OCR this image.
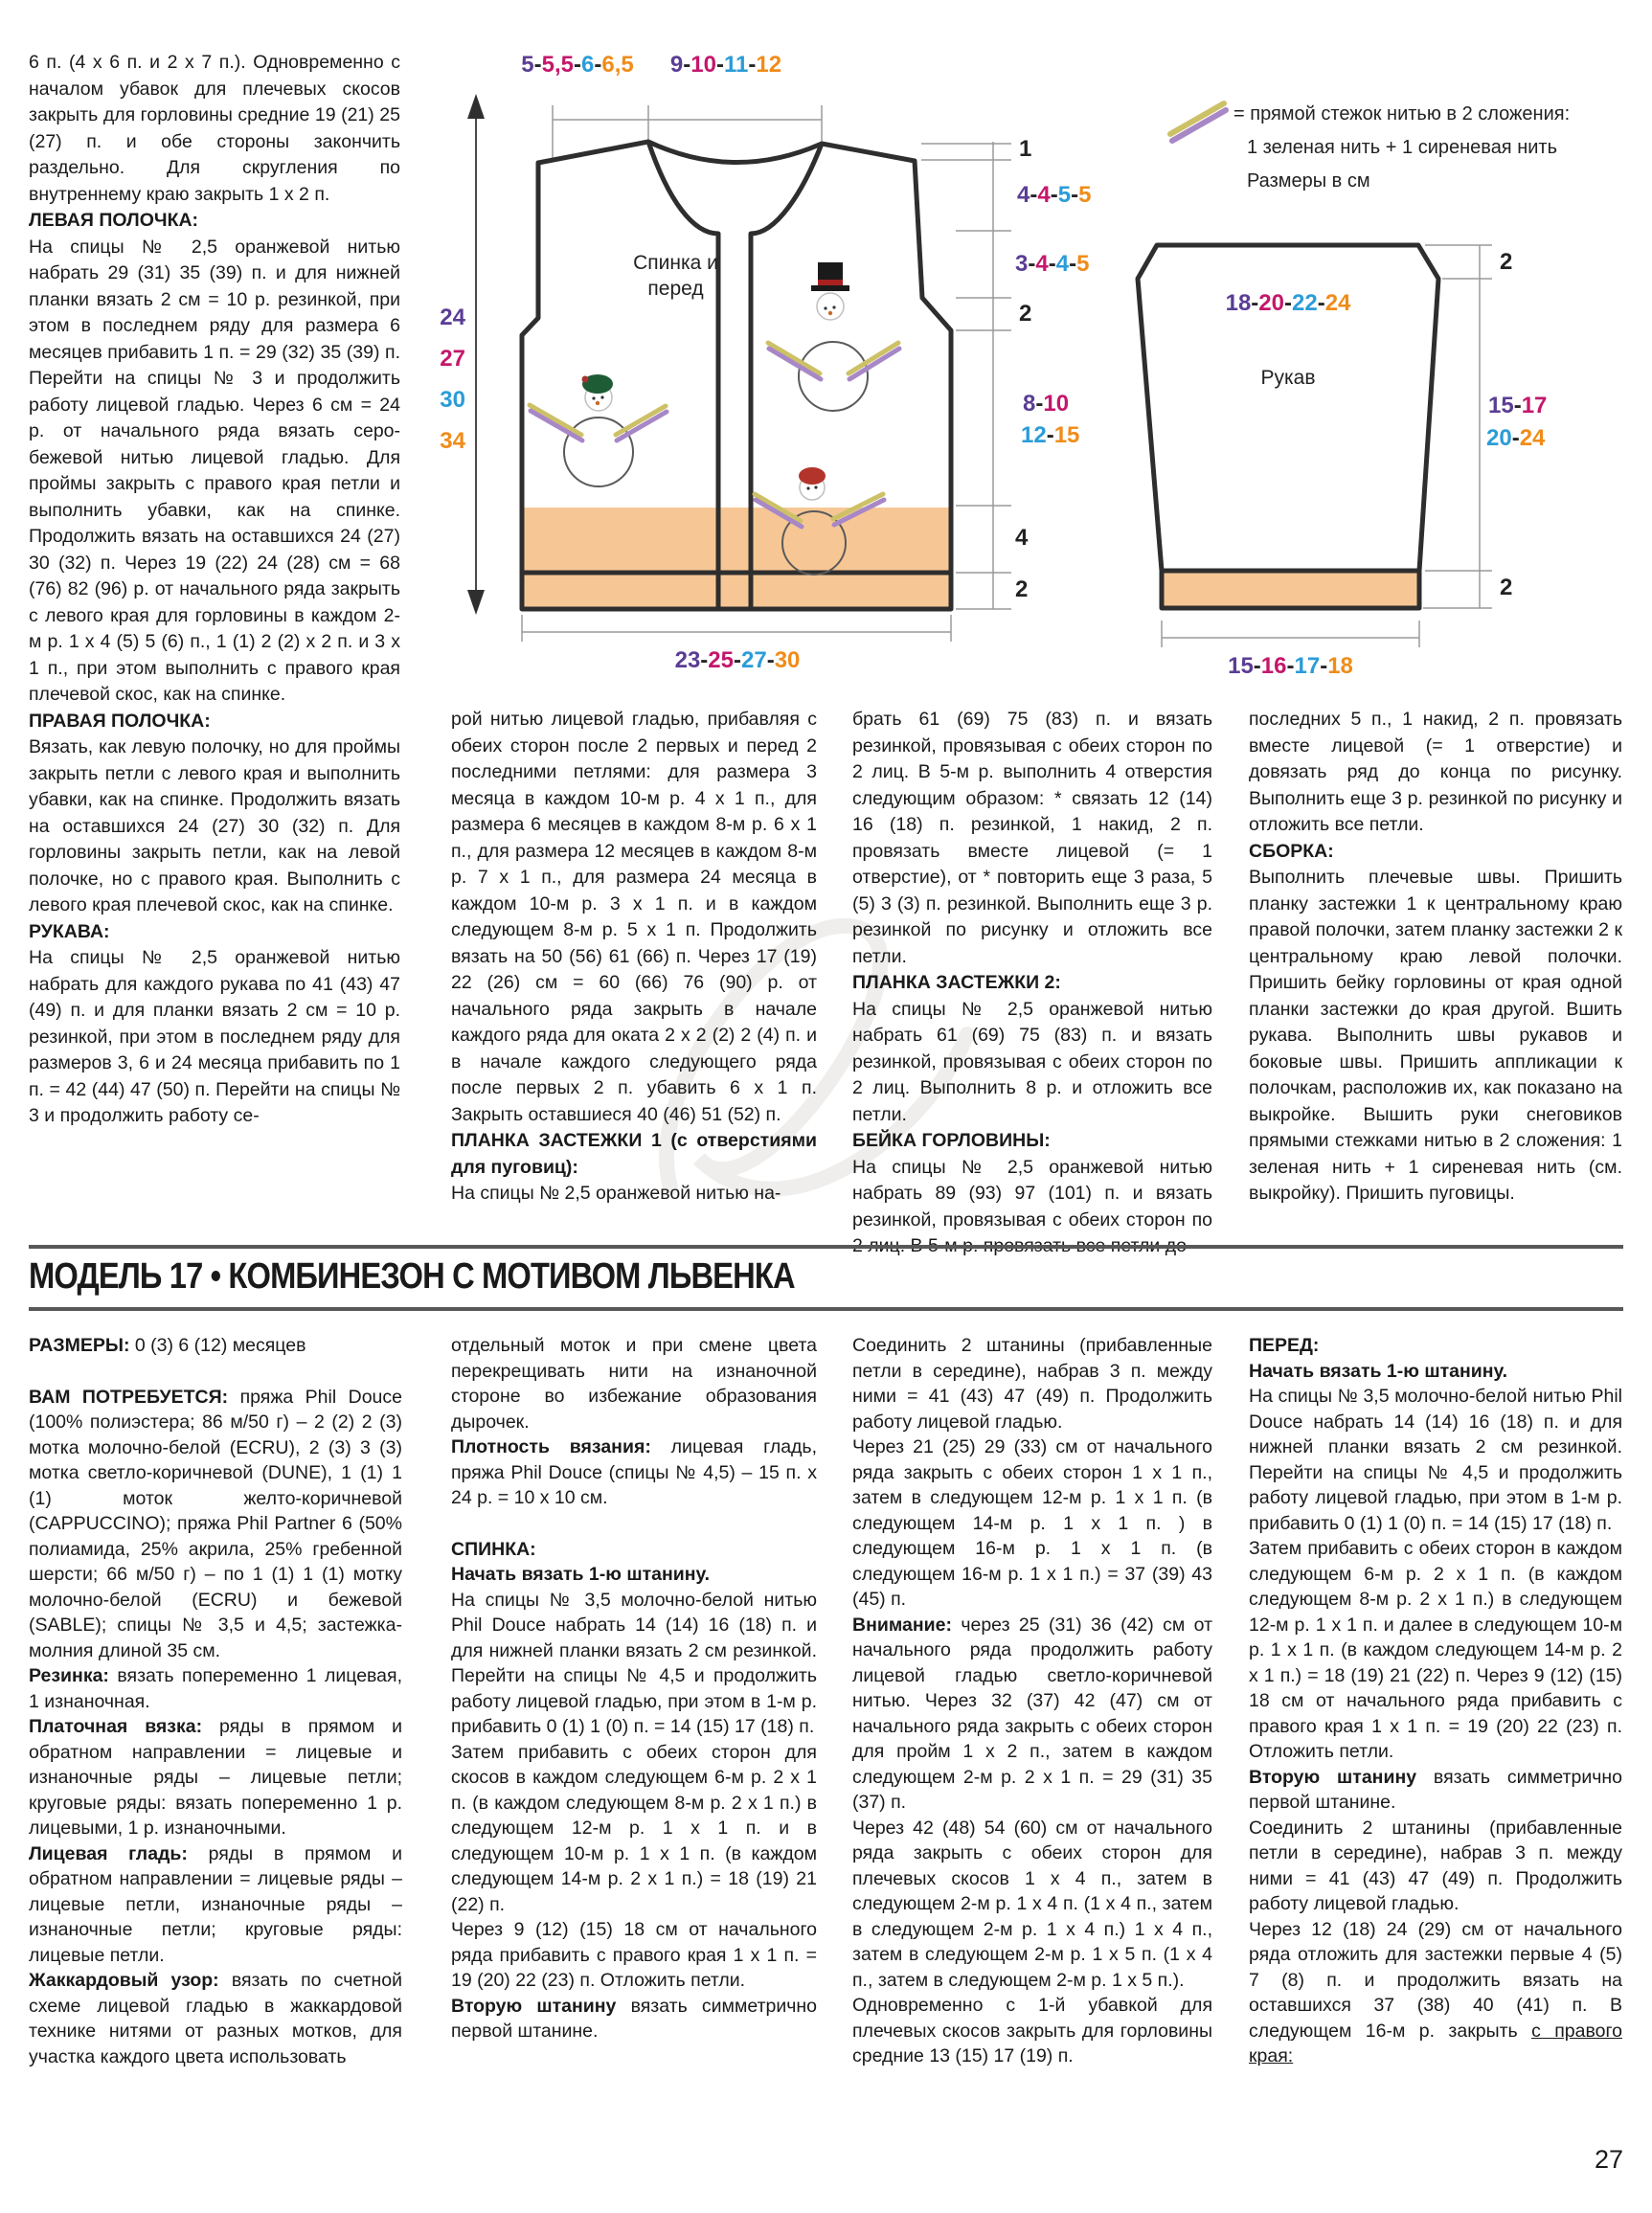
6 п. (4 х 6 п. и 2 х 7 п.). Одновременно с началом убавок для плечевых скосов закрыть для горловины средние 19 (21) 25 (27) п. и обе стороны закончить раздельно. Для скругления по внутреннему краю закрыть 1 х 2 п.

ЛЕВАЯ ПОЛОЧКА:

На спицы № 2,5 оранжевой нитью набрать 29 (31) 35 (39) п. и для нижней планки вязать 2 см = 10 р. резинкой, при этом в последнем ряду для размера 6 месяцев прибавить 1 п. = 29 (32) 35 (39) п. Перейти на спицы № 3 и продолжить работу лицевой гладью. Через 6 см = 24 р. от начального ряда вязать серо-бежевой нитью лицевой гладью. Для проймы закрыть с правого края петли и выполнить убавки, как на спинке. Продолжить вязать на оставшихся 24 (27) 30 (32) п. Через 19 (22) 24 (28) см = 68 (76) 82 (96) р. от начального ряда закрыть с левого края для горловины в каждом 2-м р. 1 х 4 (5) 5 (6) п., 1 (1) 2 (2) х 2 п. и 3 х 1 п., при этом выполнить с правого края плечевой скос, как на спинке.

ПРАВАЯ ПОЛОЧКА:

Вязать, как левую полочку, но для проймы закрыть петли с левого края и выполнить убавки, как на спинке. Продолжить вязать на оставшихся 24 (27) 30 (32) п. Для горловины закрыть петли, как на левой полочке, но с правого края. Выполнить с левого края плечевой скос, как на спинке.

РУКАВА:

На спицы № 2,5 оранжевой нитью набрать для каждого рукава по 41 (43) 47 (49) п. и для планки вязать 2 см = 10 р. резинкой, при этом в последнем ряду для размеров 3, 6 и 24 месяца прибавить по 1 п. = 42 (44) 47 (50) п. Перейти на спицы № 3 и продолжить работу се-

рой нитью лицевой гладью, прибавляя с обеих сторон после 2 первых и перед 2 последними петлями: для размера 3 месяца в каждом 10-м р. 4 х 1 п., для размера 6 месяцев в каждом 8-м р. 6 х 1 п., для размера 12 месяцев в каждом 8-м р. 7 х 1 п., для размера 24 месяца в каждом 10-м р. 3 х 1 п. и в каждом следующем 8-м р. 5 х 1 п. Продолжить вязать на 50 (56) 61 (66) п. Через 17 (19) 22 (26) см = 60 (66) 76 (90) р. от начального ряда закрыть в начале каждого ряда для оката 2 х 2 (2) 2 (4) п. и в начале каждого следующего ряда после первых 2 п. убавить 6 х 1 п. Закрыть оставшиеся 40 (46) 51 (52) п.

ПЛАНКА ЗАСТЕЖКИ 1 (с отверстиями для пуговиц):

На спицы № 2,5 оранжевой нитью на-

брать 61 (69) 75 (83) п. и вязать резинкой, провязывая с обеих сторон по 2 лиц. В 5-м р. выполнить 4 отверстия следующим образом: * связать 12 (14) 16 (18) п. резинкой, 1 накид, 2 п. провязать вместе лицевой (= 1 отверстие), от * повторить еще 3 раза, 5 (5) 3 (3) п. резинкой. Выполнить еще 3 р. резинкой по рисунку и отложить все петли.

ПЛАНКА ЗАСТЕЖКИ 2:

На спицы № 2,5 оранжевой нитью набрать 61 (69) 75 (83) п. и вязать резинкой, провязывая с обеих сторон по 2 лиц. Выполнить 8 р. и отложить все петли.

БЕЙКА ГОРЛОВИНЫ:

На спицы № 2,5 оранжевой нитью набрать 89 (93) 97 (101) п. и вязать резинкой, провязывая с обеих сторон по 2 лиц. В 5-м р. провязать все петли до

последних 5 п., 1 накид, 2 п. провязать вместе лицевой (= 1 отверстие) и довязать ряд до конца по рисунку. Выполнить еще 3 р. резинкой по рисунку и отложить все петли.

СБОРКА:

Выполнить плечевые швы. Пришить планку застежки 1 к центральному краю правой полочки, затем планку застежки 2 к центральному краю левой полочки. Пришить бейку горловины от края одной планки застежки до края другой. Вшить рукава. Выполнить швы рукавов и боковые швы. Пришить аппликации к полочкам, расположив их, как показано на выкройке. Вышить руки снеговиков прямыми стежками нитью в 2 сложения: 1 зеленая нить + 1 сиреневая нить (см. выкройку). Пришить пуговицы.

5-5,5-6-6,5	9-10-11-12
24
27
30
34
Спинка и
перед
1
4-4-5-5
3-4-4-5
2
8-10
12-15
4
2
23-25-27-30
= прямой стежок нитью в 2 сложения:
1 зеленая нить + 1 сиреневая нить
Размеры в см
18-20-22-24
Рукав
2
15-17
20-24
2
15-16-17-18
МОДЕЛЬ 17 • КОМБИНЕЗОН С МОТИВОМ ЛЬВЕНКА

РАЗМЕРЫ: 0 (3) 6 (12) месяцев

ВАМ ПОТРЕБУЕТСЯ: пряжа Phil Douce (100% полиэстера; 86 м/50 г) – 2 (2) 2 (3) мотка молочно-белой (ECRU), 2 (3) 3 (3) мотка светло-коричневой (DUNE), 1 (1) 1 (1) моток желто-коричневой (CAPPUCCINO); пряжа Phil Partner 6 (50% полиамида, 25% акрила, 25% гребенной шерсти; 66 м/50 г) – по 1 (1) 1 (1) мотку молочно-белой (ECRU) и бежевой (SABLE); спицы № 3,5 и 4,5; застежка-молния длиной 35 см.

Резинка: вязать попеременно 1 лицевая, 1 изнаночная.

Платочная вязка: ряды в прямом и обратном направлении = лицевые и изнаночные ряды – лицевые петли; круговые ряды: вязать попеременно 1 р. лицевыми, 1 р. изнаночными.

Лицевая гладь: ряды в прямом и обратном направлении = лицевые ряды – лицевые петли, изнаночные ряды – изнаночные петли; круговые ряды: лицевые петли.

Жаккардовый узор: вязать по счетной схеме лицевой гладью в жаккардовой технике нитями от разных мотков, для участка каждого цвета использовать

отдельный моток и при смене цвета перекрещивать нити на изнаночной стороне во избежание образования дырочек.

Плотность вязания: лицевая гладь, пряжа Phil Douce (спицы № 4,5) – 15 п. х 24 р. = 10 х 10 см.

СПИНКА:

Начать вязать 1-ю штанину.

На спицы № 3,5 молочно-белой нитью Phil Douce набрать 14 (14) 16 (18) п. и для нижней планки вязать 2 см резинкой. Перейти на спицы № 4,5 и продолжить работу лицевой гладью, при этом в 1-м р. прибавить 0 (1) 1 (0) п. = 14 (15) 17 (18) п.

Затем прибавить с обеих сторон для скосов в каждом следующем 6-м р. 2 х 1 п. (в каждом следующем 8-м р. 2 х 1 п.) в следующем 12-м р. 1 х 1 п. и в следующем 10-м р. 1 х 1 п. (в каждом следующем 14-м р. 2 х 1 п.) = 18 (19) 21 (22) п.

Через 9 (12) (15) 18 см от начального ряда прибавить с правого края 1 х 1 п. = 19 (20) 22 (23) п. Отложить петли.

Вторую штанину вязать симметрично первой штанине.

Соединить 2 штанины (прибавленные петли в середине), набрав 3 п. между ними = 41 (43) 47 (49) п. Продолжить работу лицевой гладью.

Через 21 (25) 29 (33) см от начального ряда закрыть с обеих сторон 1 х 1 п., затем в следующем 12-м р. 1 х 1 п. (в следующем 14-м р. 1 х 1 п. ) в следующем 16-м р. 1 х 1 п. (в следующем 16-м р. 1 х 1 п.) = 37 (39) 43 (45) п.

Внимание: через 25 (31) 36 (42) см от начального ряда продолжить работу лицевой гладью светло-коричневой нитью. Через 32 (37) 42 (47) см от начального ряда закрыть с обеих сторон для пройм 1 х 2 п., затем в каждом следующем 2-м р. 2 х 1 п. = 29 (31) 35 (37) п.

Через 42 (48) 54 (60) см от начального ряда закрыть с обеих сторон для плечевых скосов 1 х 4 п., затем в следующем 2-м р. 1 х 4 п. (1 х 4 п., затем в следующем 2-м р. 1 х 4 п.) 1 х 4 п., затем в следующем 2-м р. 1 х 5 п. (1 х 4 п., затем в следующем 2-м р. 1 х 5 п.).

Одновременно с 1-й убавкой для плечевых скосов закрыть для горловины средние 13 (15) 17 (19) п.

ПЕРЕД:

Начать вязать 1-ю штанину.

На спицы № 3,5 молочно-белой нитью Phil Douce набрать 14 (14) 16 (18) п. и для нижней планки вязать 2 см резинкой. Перейти на спицы № 4,5 и продолжить работу лицевой гладью, при этом в 1-м р. прибавить 0 (1) 1 (0) п. = 14 (15) 17 (18) п.

Затем прибавить с обеих сторон в каждом следующем 6-м р. 2 х 1 п. (в каждом следующем 8-м р. 2 х 1 п.) в следующем 12-м р. 1 х 1 п. и далее в следующем 10-м р. 1 х 1 п. (в каждом следующем 14-м р. 2 х 1 п.) = 18 (19) 21 (22) п. Через 9 (12) (15) 18 см от начального ряда прибавить с правого края 1 х 1 п. = 19 (20) 22 (23) п. Отложить петли.

Вторую штанину вязать симметрично первой штанине.

Соединить 2 штанины (прибавленные петли в середине), набрав 3 п. между ними = 41 (43) 47 (49) п. Продолжить работу лицевой гладью.

Через 12 (18) 24 (29) см от начального ряда отложить для застежки первые 4 (5) 7 (8) п. и продолжить вязать на оставшихся 37 (38) 40 (41) п. В следующем 16-м р. закрыть с правого края:

27
